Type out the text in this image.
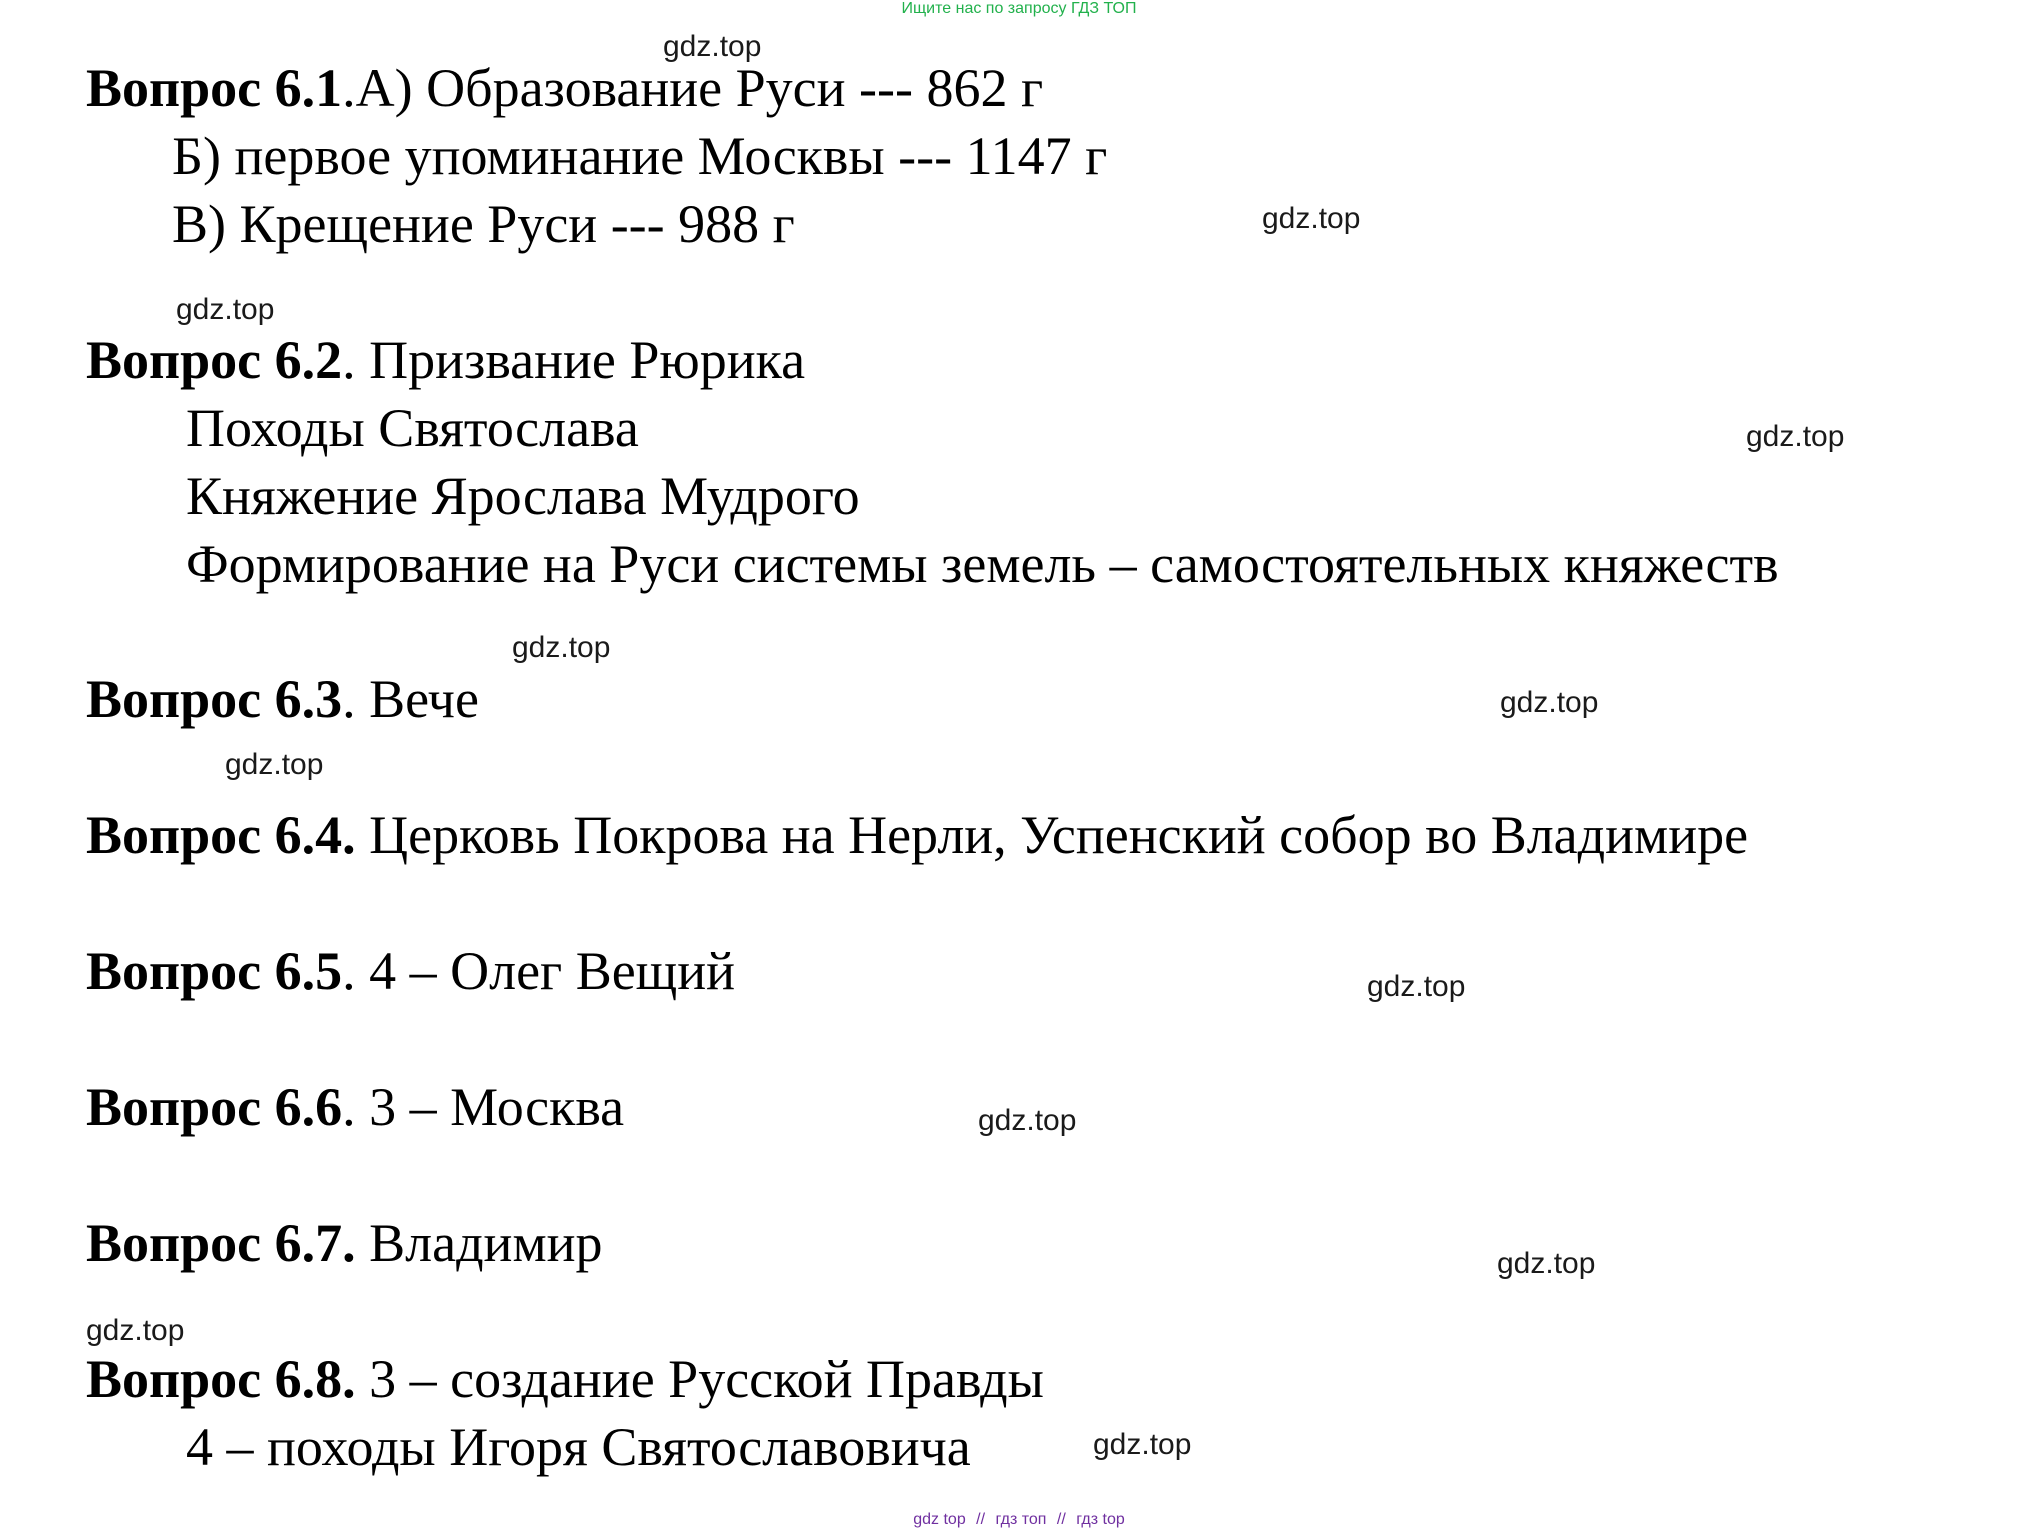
Ищите нас по запросу ГДЗ ТОП
gdz.top
gdz.top
gdz.top
gdz.top
gdz.top
gdz.top
gdz.top
gdz.top
gdz.top
gdz.top
gdz.top
gdz.top
Вопрос 6.1.А) Образование Руси --- 862 г
Б) первое упоминание Москвы --- 1147 г
В) Крещение Руси --- 988 г
Вопрос 6.2. Призвание Рюрика
Походы Святослава
Княжение Ярослава Мудрого
Формирование на Руси системы земель – самостоятельных княжеств
Вопрос 6.3. Вече
Вопрос 6.4. Церковь Покрова на Нерли, Успенский собор во Владимире
Вопрос 6.5. 4 – Олег Вещий
Вопрос 6.6. 3 – Москва
Вопрос 6.7. Владимир
Вопрос 6.8. 3 – создание Русской Правды
4 – походы Игоря Святославовича
gdz top // гдз топ // гдз top
